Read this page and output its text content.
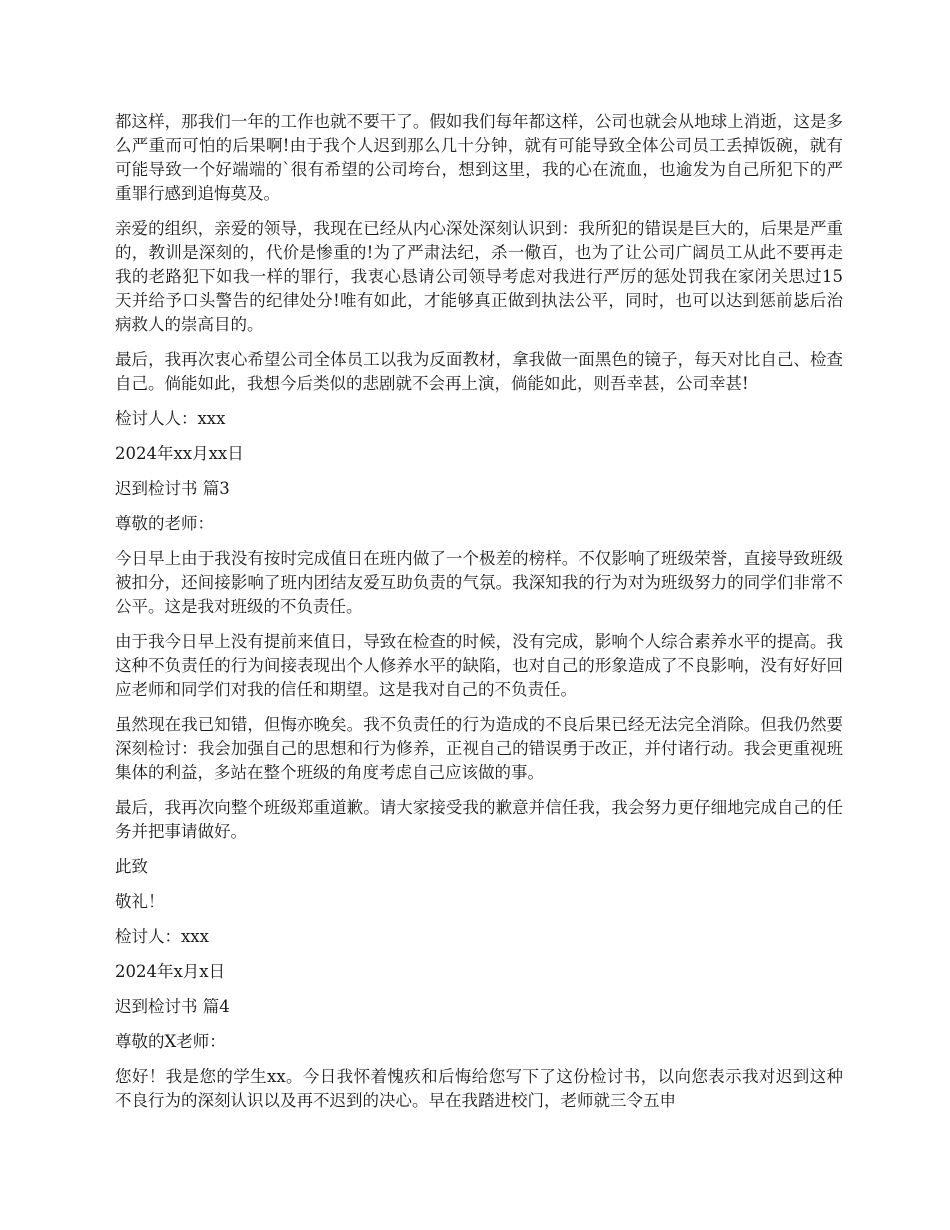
都这样，那我们一年的工作也就不要干了。假如我们每年都这样，公司也就会从地球上消逝，这是多么严重而可怕的后果啊!由于我个人迟到那么几十分钟，就有可能导致全体公司员工丢掉饭碗，就有可能导致一个好端端的`很有希望的公司垮台，想到这里，我的心在流血，也逾发为自己所犯下的严重罪行感到追悔莫及。

亲爱的组织，亲爱的领导，我现在已经从内心深处深刻认识到：我所犯的错误是巨大的，后果是严重的，教训是深刻的，代价是惨重的!为了严肃法纪，杀一儆百，也为了让公司广阔员工从此不要再走我的老路犯下如我一样的罪行，我衷心恳请公司领导考虑对我进行严厉的惩处罚我在家闭关思过15天并给予口头警告的纪律处分!唯有如此，才能够真正做到执法公平，同时，也可以达到惩前毖后治病救人的崇高目的。

最后，我再次衷心希望公司全体员工以我为反面教材，拿我做一面黑色的镜子，每天对比自己、检查自己。倘能如此，我想今后类似的悲剧就不会再上演，倘能如此，则吾幸甚，公司幸甚!

检讨人人：xxx

2024年xx月xx日

迟到检讨书 篇3

尊敬的老师：

今日早上由于我没有按时完成值日在班内做了一个极差的榜样。不仅影响了班级荣誉，直接导致班级被扣分，还间接影响了班内团结友爱互助负责的气氛。我深知我的行为对为班级努力的同学们非常不公平。这是我对班级的不负责任。

由于我今日早上没有提前来值日，导致在检查的时候，没有完成，影响个人综合素养水平的提高。我这种不负责任的行为间接表现出个人修养水平的缺陷，也对自己的形象造成了不良影响，没有好好回应老师和同学们对我的信任和期望。这是我对自己的不负责任。

虽然现在我已知错，但悔亦晚矣。我不负责任的行为造成的不良后果已经无法完全消除。但我仍然要深刻检讨：我会加强自己的思想和行为修养，正视自己的错误勇于改正，并付诸行动。我会更重视班集体的利益，多站在整个班级的角度考虑自己应该做的事。

最后，我再次向整个班级郑重道歉。请大家接受我的歉意并信任我，我会努力更仔细地完成自己的任务并把事请做好。

此致

敬礼！

检讨人：xxx

2024年x月x日

迟到检讨书 篇4

尊敬的X老师：

您好！我是您的学生xx。今日我怀着愧疚和后悔给您写下了这份检讨书，以向您表示我对迟到这种不良行为的深刻认识以及再不迟到的决心。早在我踏进校门，老师就三令五申
